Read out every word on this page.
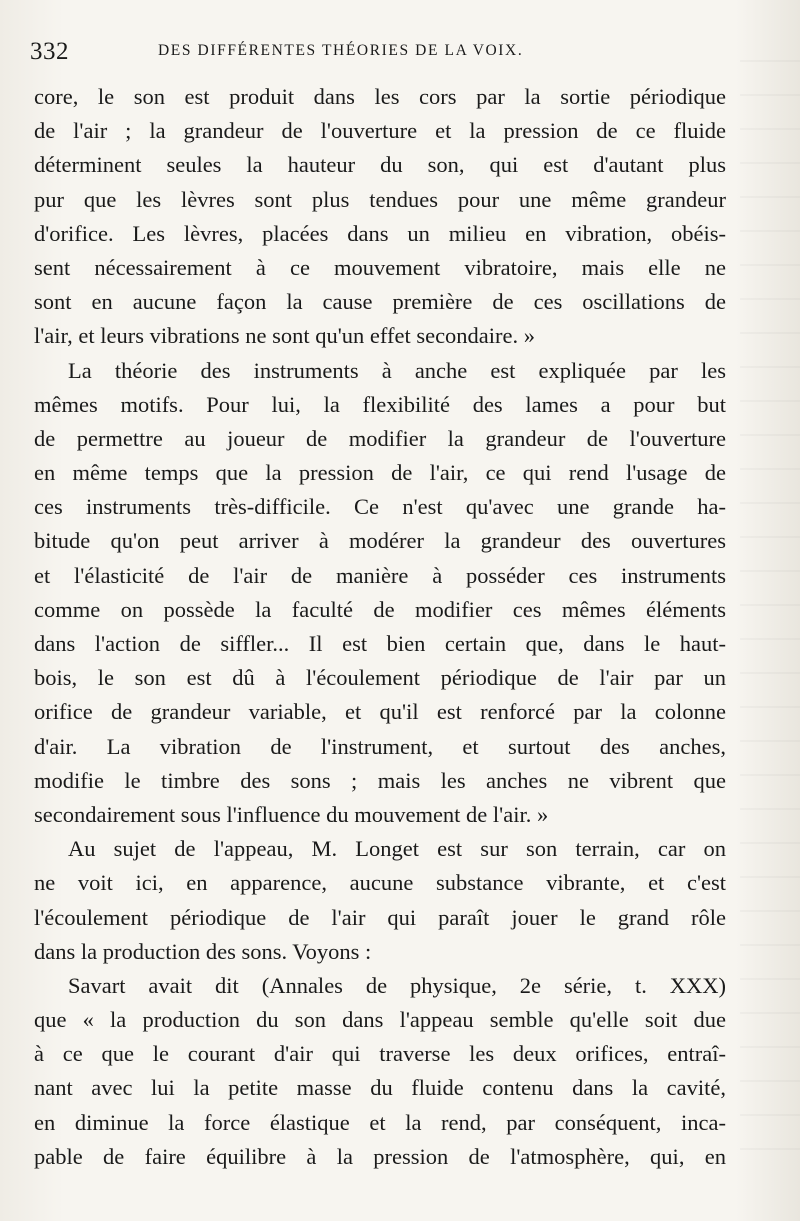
332	DES DIFFÉRENTES THÉORIES DE LA VOIX.
core, le son est produit dans les cors par la sortie périodique
de l'air ; la grandeur de l'ouverture et la pression de ce fluide
déterminent seules la hauteur du son, qui est d'autant plus
pur que les lèvres sont plus tendues pour une même grandeur
d'orifice. Les lèvres, placées dans un milieu en vibration, obéis-
sent nécessairement à ce mouvement vibratoire, mais elle ne
sont en aucune façon la cause première de ces oscillations de
l'air, et leurs vibrations ne sont qu'un effet secondaire. »
La théorie des instruments à anche est expliquée par les
mêmes motifs. Pour lui, la flexibilité des lames a pour but
de permettre au joueur de modifier la grandeur de l'ouverture
en même temps que la pression de l'air, ce qui rend l'usage de
ces instruments très-difficile. Ce n'est qu'avec une grande ha-
bitude qu'on peut arriver à modérer la grandeur des ouvertures
et l'élasticité de l'air de manière à posséder ces instruments
comme on possède la faculté de modifier ces mêmes éléments
dans l'action de siffler... Il est bien certain que, dans le haut-
bois, le son est dû à l'écoulement périodique de l'air par un
orifice de grandeur variable, et qu'il est renforcé par la colonne
d'air. La vibration de l'instrument, et surtout des anches,
modifie le timbre des sons ; mais les anches ne vibrent que
secondairement sous l'influence du mouvement de l'air. »
Au sujet de l'appeau, M. Longet est sur son terrain, car on
ne voit ici, en apparence, aucune substance vibrante, et c'est
l'écoulement périodique de l'air qui paraît jouer le grand rôle
dans la production des sons. Voyons :
Savart avait dit (Annales de physique, 2e série, t. XXX)
que « la production du son dans l'appeau semble qu'elle soit due
à ce que le courant d'air qui traverse les deux orifices, entraî-
nant avec lui la petite masse du fluide contenu dans la cavité,
en diminue la force élastique et la rend, par conséquent, inca-
pable de faire équilibre à la pression de l'atmosphère, qui, en
